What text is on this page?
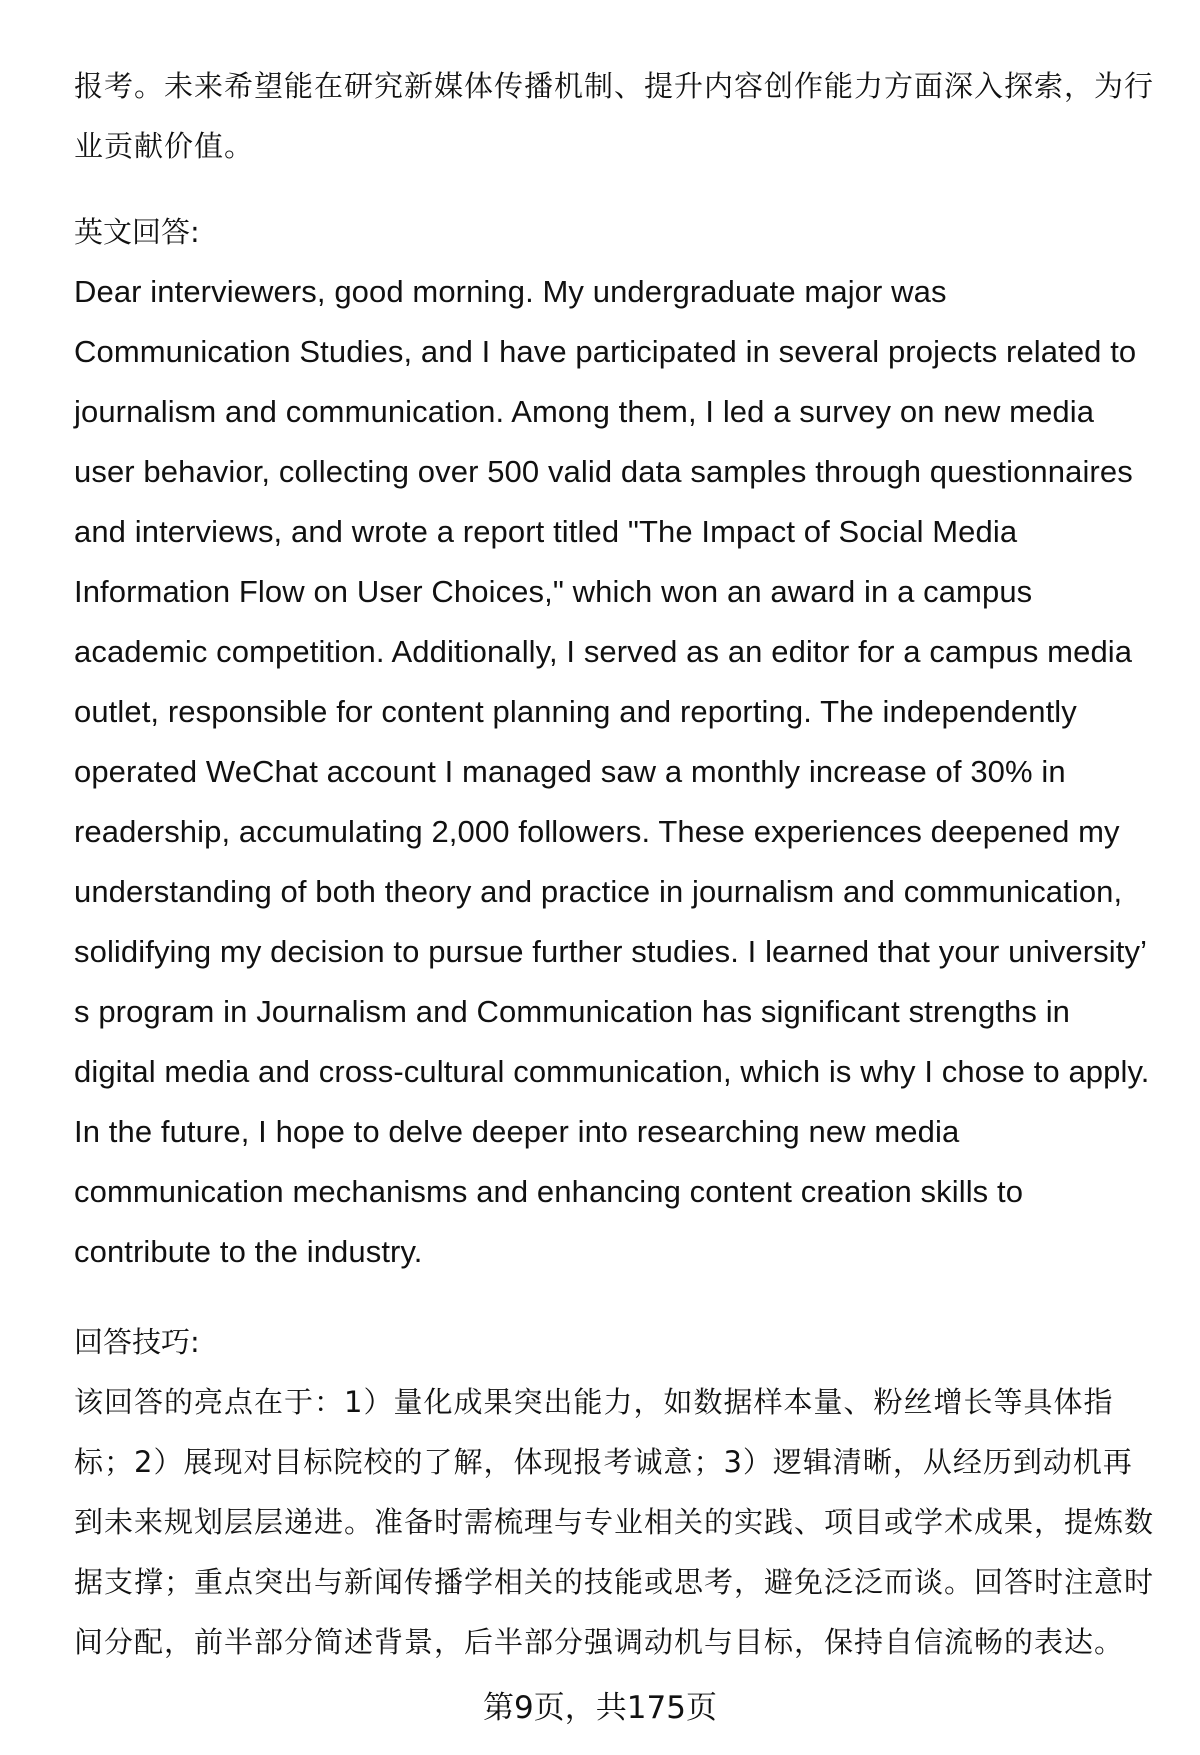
报考。未来希望能在研究新媒体传播机制、提升内容创作能力方面深入探索，为行业贡献价值。

英文回答:

Dear interviewers, good morning. My undergraduate major was Communication Studies, and I have participated in several projects related to journalism and communication. Among them, I led a survey on new media user behavior, collecting over 500 valid data samples through questionnaires and interviews, and wrote a report titled "The Impact of Social Media Information Flow on User Choices," which won an award in a campus academic competition. Additionally, I served as an editor for a campus media outlet, responsible for content planning and reporting. The independently operated WeChat account I managed saw a monthly increase of 30% in readership, accumulating 2,000 followers. These experiences deepened my understanding of both theory and practice in journalism and communication, solidifying my decision to pursue further studies. I learned that your university’ s program in Journalism and Communication has significant strengths in digital media and cross-cultural communication, which is why I chose to apply. In the future, I hope to delve deeper into researching new media communication mechanisms and enhancing content creation skills to contribute to the industry.

回答技巧:

该回答的亮点在于：1）量化成果突出能力，如数据样本量、粉丝增长等具体指标；2）展现对目标院校的了解，体现报考诚意；3）逻辑清晰，从经历到动机再到未来规划层层递进。准备时需梳理与专业相关的实践、项目或学术成果，提炼数据支撑；重点突出与新闻传播学相关的技能或思考，避免泛泛而谈。回答时注意时间分配，前半部分简述背景，后半部分强调动机与目标，保持自信流畅的表达。

第9页，共175页
